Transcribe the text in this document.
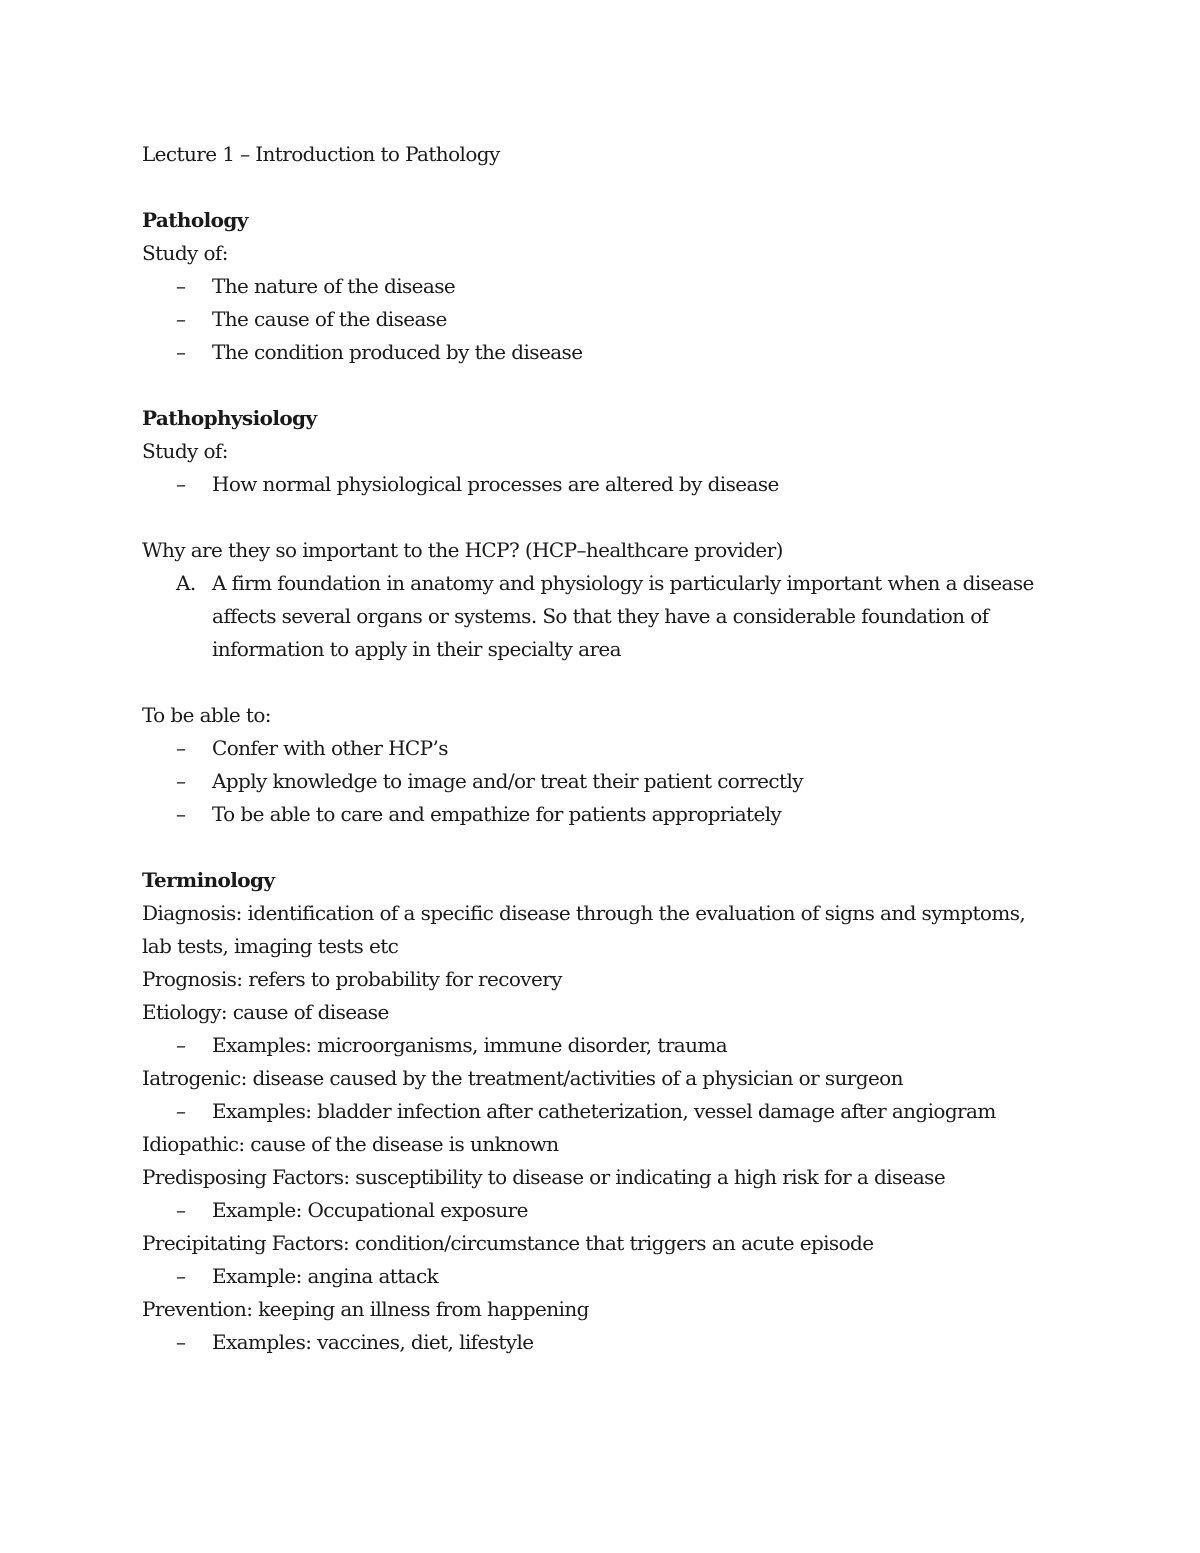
Lecture 1 – Introduction to Pathology

Pathology

Study of:

– The nature of the disease

– The cause of the disease

– The condition produced by the disease

Pathophysiology

Study of:

– How normal physiological processes are altered by disease

Why are they so important to the HCP? (HCP–healthcare provider)

A. A firm foundation in anatomy and physiology is particularly important when a disease
affects several organs or systems. So that they have a considerable foundation of
information to apply in their specialty area

To be able to:

– Confer with other HCP’s

– Apply knowledge to image and/or treat their patient correctly

– To be able to care and empathize for patients appropriately

Terminology

Diagnosis: identification of a specific disease through the evaluation of signs and symptoms,

lab tests, imaging tests etc

Prognosis: refers to probability for recovery

Etiology: cause of disease

– Examples: microorganisms, immune disorder, trauma

Iatrogenic: disease caused by the treatment/activities of a physician or surgeon

– Examples: bladder infection after catheterization, vessel damage after angiogram

Idiopathic: cause of the disease is unknown

Predisposing Factors: susceptibility to disease or indicating a high risk for a disease

– Example: Occupational exposure

Precipitating Factors: condition/circumstance that triggers an acute episode

– Example: angina attack

Prevention: keeping an illness from happening

– Examples: vaccines, diet, lifestyle
